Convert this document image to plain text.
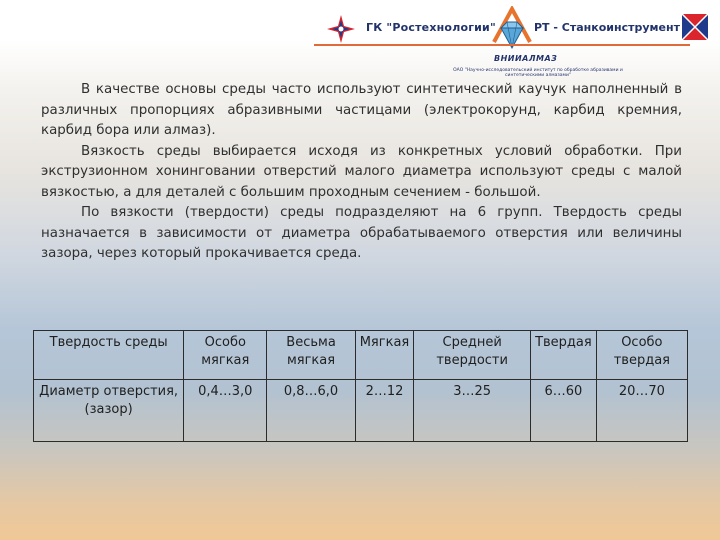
ГК "Ростехнологии"	РТ - Станкоинструмент
ВНИИАЛМАЗ
ОАО "Научно-исследовательский институт по обработке абразивами и синтетическими алмазами"

В качестве основы среды часто используют синтетический каучук наполненный в различных пропорциях абразивными частицами (электрокорунд, карбид кремния, карбид бора или алмаз).

Вязкость среды выбирается исходя из конкретных условий обработки. При экструзионном хонинговании отверстий малого диаметра используют среды с малой вязкостью, а для деталей с большим проходным сечением - большой.

По вязкости (твердости) среды подразделяют на 6 групп. Твердость среды назначается в зависимости от диаметра обрабатываемого отверстия или величины зазора, через который прокачивается среда.

Твердость среды	Особо мягкая	Весьма мягкая	Мягкая	Средней твердости	Твердая	Особо твердая
Диаметр отверстия, (зазор)	0,4…3,0	0,8…6,0	2…12	3…25	6…60	20…70
